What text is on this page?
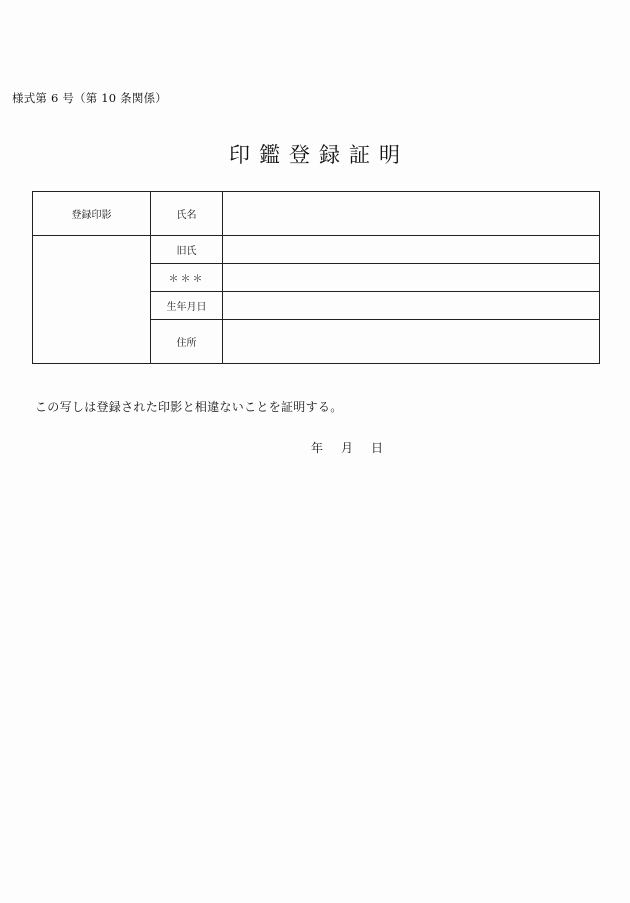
様式第 6 号（第 10 条関係）
印鑑登録証明
登録印影	氏名	
	旧氏	
	＊＊＊	
	生年月日	
	住所	
この写しは登録された印影と相違ないことを証明する。
年 月 日
